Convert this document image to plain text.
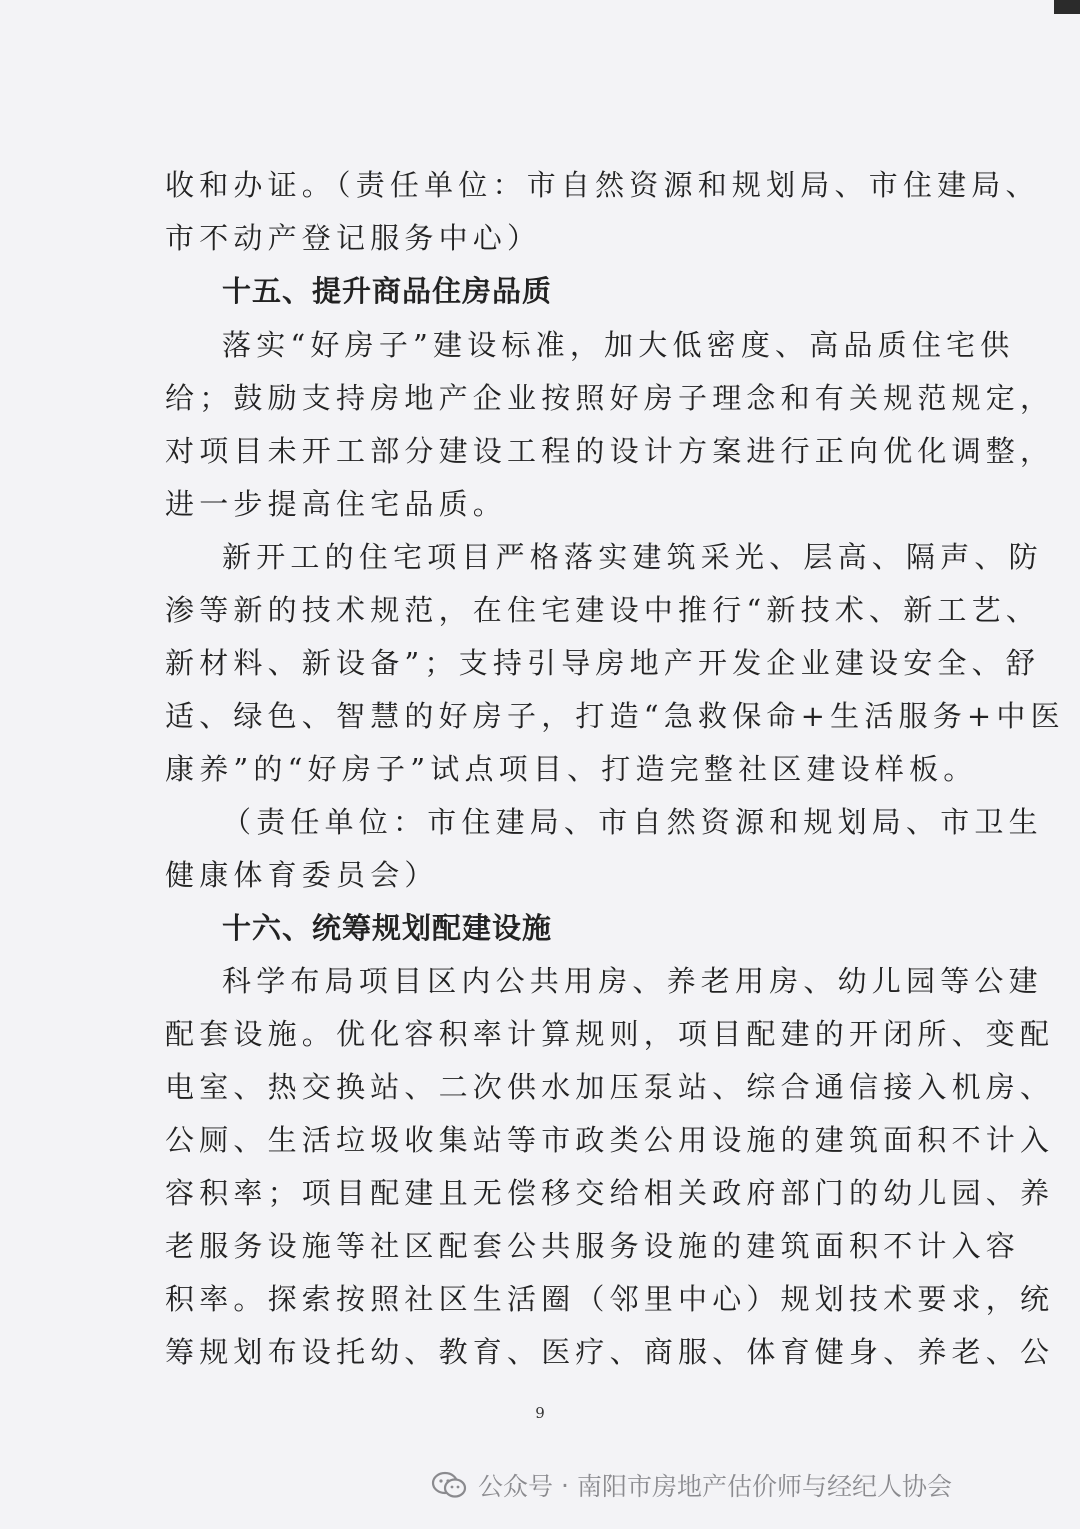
收和办证。（责任单位：市自然资源和规划局、市住建局、
市不动产登记服务中心）
十五、提升商品住房品质
落实“好房子”建设标准，加大低密度、高品质住宅供
给；鼓励支持房地产企业按照好房子理念和有关规范规定，
对项目未开工部分建设工程的设计方案进行正向优化调整，
进一步提高住宅品质。
新开工的住宅项目严格落实建筑采光、层高、隔声、防
渗等新的技术规范，在住宅建设中推行“新技术、新工艺、
新材料、新设备”；支持引导房地产开发企业建设安全、舒
适、绿色、智慧的好房子，打造“急救保命+生活服务+中医
康养”的“好房子”试点项目、打造完整社区建设样板。
（责任单位：市住建局、市自然资源和规划局、市卫生
健康体育委员会）
十六、统筹规划配建设施
科学布局项目区内公共用房、养老用房、幼儿园等公建
配套设施。优化容积率计算规则，项目配建的开闭所、变配
电室、热交换站、二次供水加压泵站、综合通信接入机房、
公厕、生活垃圾收集站等市政类公用设施的建筑面积不计入
容积率；项目配建且无偿移交给相关政府部门的幼儿园、养
老服务设施等社区配套公共服务设施的建筑面积不计入容
积率。探索按照社区生活圈（邻里中心）规划技术要求，统
筹规划布设托幼、教育、医疗、商服、体育健身、养老、公
9
公众号 · 南阳市房地产估价师与经纪人协会
